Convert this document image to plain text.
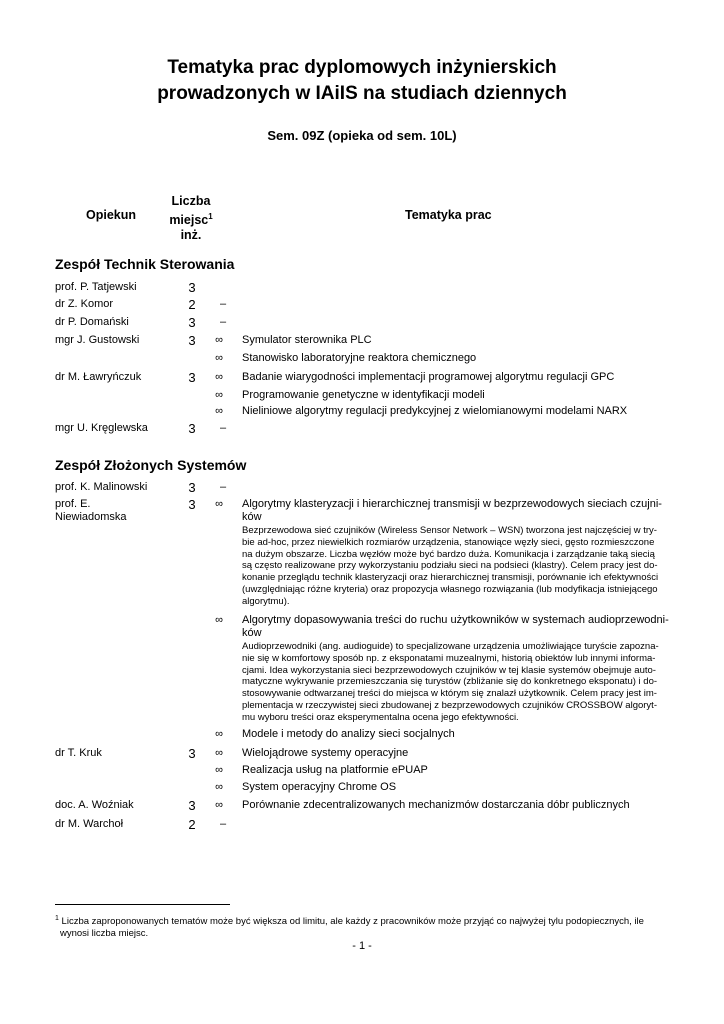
Tematyka prac dyplomowych inżynierskich
prowadzonych w IAiIS na studiach dziennych
Sem. 09Z (opieka od sem. 10L)
Opiekun
Liczba
miejsc$^1$
inż.
Tematyka prac
Zespół Technik Sterowania
prof. P. Tatjewski	3
dr Z. Komor	2	–
dr P. Domański	3	–
mgr J. Gustowski	3	∞ Symulator sterownika PLC
∞ Stanowisko laboratoryjne reaktora chemicznego
dr M. Ławryńczuk	3	∞ Badanie wiarygodności implementacji programowej algorytmu regulacji GPC
∞ Programowanie genetyczne w identyfikacji modeli
∞ Nieliniowe algorytmy regulacji predykcyjnej z wielomianowymi modelami NARX
mgr U. Kręglewska	3	–
Zespół Złożonych Systemów
prof. K. Malinowski	3	–
prof. E.
Niewiadomska
3	∞ Algorytmy klasteryzacji i hierarchicznej transmisji w bezprzewodowych sieciach czujni-
ków
Bezprzewodowa sieć czujników (Wireless Sensor Network – WSN) tworzona jest najczęściej w try-
bie ad-hoc, przez niewielkich rozmiarów urządzenia, stanowiące węzły sieci, gęsto rozmieszczone
na dużym obszarze. Liczba węzłów może być bardzo duża. Komunikacja i zarządzanie taką siecią
są często realizowane przy wykorzystaniu podziału sieci na podsieci (klastry). Celem pracy jest do-
konanie przeglądu technik klasteryzacji oraz hierarchicznej transmisji, porównanie ich efektywności
(uwzględniając różne kryteria) oraz propozycja własnego rozwiązania (lub modyfikacja istniejącego
algorytmu).
∞ Algorytmy dopasowywania treści do ruchu użytkowników w systemach audioprzewodni-
ków
Audioprzewodniki (ang. audioguide) to specjalizowane urządzenia umożliwiające turyście zapozna-
nie się w komfortowy sposób np. z eksponatami muzealnymi, historią obiektów lub innymi informa-
cjami. Idea wykorzystania sieci bezprzewodowych czujników w tej klasie systemów obejmuje auto-
matyczne wykrywanie przemieszczania się turystów (zbliżanie się do konkretnego eksponatu) i do-
stosowywanie odtwarzanej treści do miejsca w którym się znalazł użytkownik. Celem pracy jest im-
plementacja w rzeczywistej sieci zbudowanej z bezprzewodowych czujników CROSSBOW algoryt-
mu wyboru treści oraz eksperymentalna ocena jego efektywności.
∞ Modele i metody do analizy sieci socjalnych
dr T. Kruk	3	∞ Wielojądrowe systemy operacyjne
∞ Realizacja usług na platformie ePUAP
∞ System operacyjny Chrome OS
doc. A. Woźniak	3	∞ Porównanie zdecentralizowanych mechanizmów dostarczania dóbr publicznych
dr M. Warchoł	2	–
$^1$ Liczba zaproponowanych tematów może być większa od limitu, ale każdy z pracowników może przyjąć co najwyżej tylu podopiecznych, ile
wynosi liczba miejsc.
- 1 -
